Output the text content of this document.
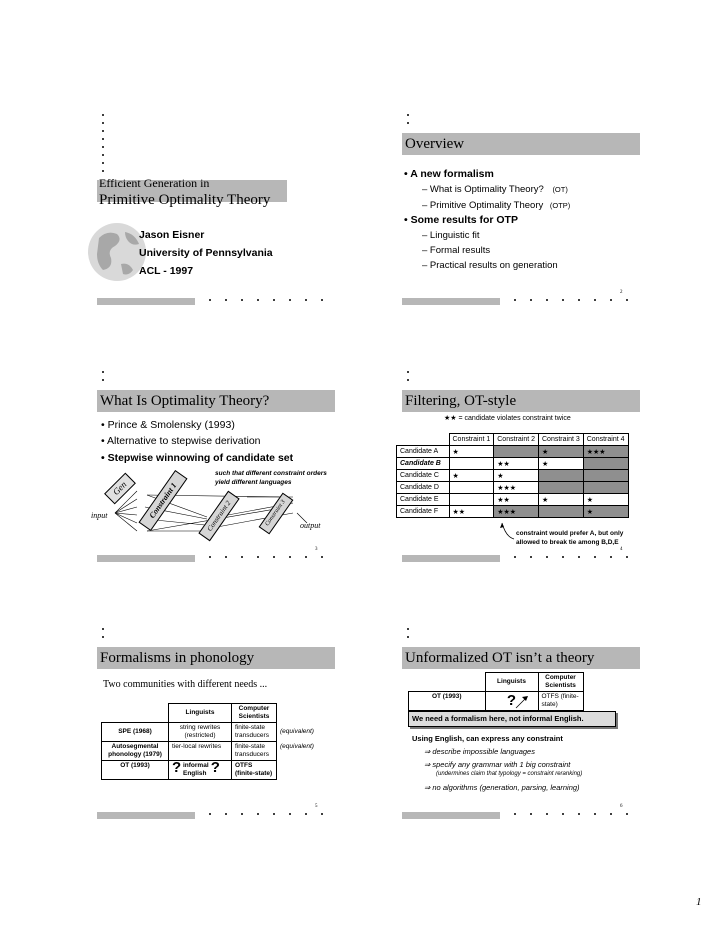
Efficient Generation in
Primitive Optimality Theory
Jason Eisner
University of Pennsylvania
ACL - 1997
Overview
• A new formalism
– What is Optimality Theory? (OT)
– Primitive Optimality Theory (OTP)
• Some results for OTP
– Linguistic fit
– Formal results
– Practical results on generation
2
What Is Optimality Theory?
• Prince & Smolensky (1993)
• Alternative to stepwise derivation
• Stepwise winnowing of candidate set
such that different constraint orders yield different languages
input
Gen	Constraint 1	Constraint 2	Constraint 3	output
3
Filtering, OT-style
★★ = candidate violates constraint twice
	Constraint 1	Constraint 2	Constraint 3	Constraint 4
Candidate A	★		★	★★★
Candidate B		★★	★	
Candidate C	★	★		
Candidate D		★★★		
Candidate E		★★	★	★
Candidate F	★★	★★★		★
constraint would prefer A, but only
allowed to break tie among B,D,E
4
Formalisms in phonology
Two communities with different needs ...
	Linguists	Computer Scientists	
SPE (1968)	string rewrites (restricted)	finite-state transducers	(equivalent)
Autosegmental phonology (1979)	tier-local rewrites	finite-state transducers	(equivalent)
OT (1993)	? informal English ?	OTFS (finite-state)	
5
Unformalized OT isn’t a theory
	Linguists	Computer Scientists
OT (1993)	?	OTFS (finite-state)
We need a formalism here, not informal English.
Using English, can express any constraint
⇒ describe impossible languages
⇒ specify any grammar with 1 big constraint
(undermines claim that typology = constraint reranking)
⇒ no algorithms (generation, parsing, learning)
6
1
